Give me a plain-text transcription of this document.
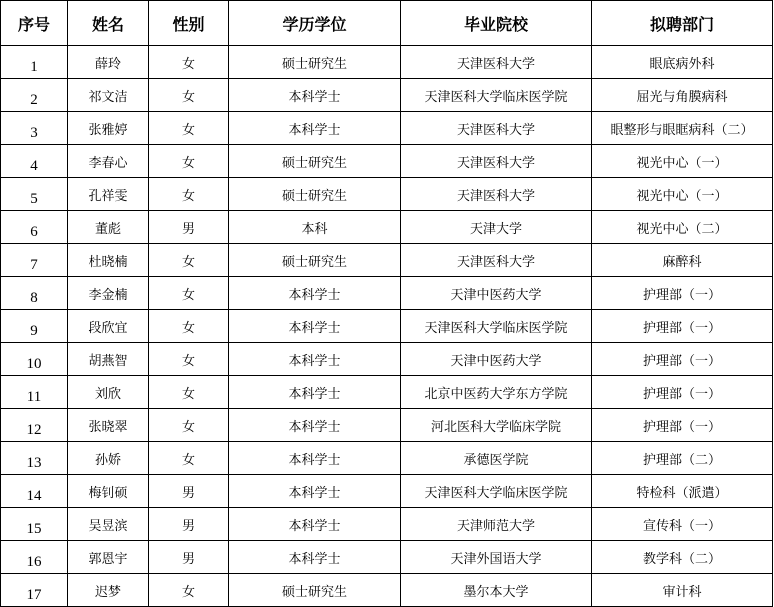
序号	姓名	性别	学历学位	毕业院校	拟聘部门
1	薛玲	女	硕士研究生	天津医科大学	眼底病外科
2	祁文洁	女	本科学士	天津医科大学临床医学院	屈光与角膜病科
3	张雅婷	女	本科学士	天津医科大学	眼整形与眼眶病科（二）
4	李春心	女	硕士研究生	天津医科大学	视光中心（一）
5	孔祥雯	女	硕士研究生	天津医科大学	视光中心（一）
6	董彪	男	本科	天津大学	视光中心（二）
7	杜晓楠	女	硕士研究生	天津医科大学	麻醉科
8	李金楠	女	本科学士	天津中医药大学	护理部（一）
9	段欣宜	女	本科学士	天津医科大学临床医学院	护理部（一）
10	胡燕智	女	本科学士	天津中医药大学	护理部（一）
11	刘欣	女	本科学士	北京中医药大学东方学院	护理部（一）
12	张晓翠	女	本科学士	河北医科大学临床学院	护理部（一）
13	孙娇	女	本科学士	承德医学院	护理部（二）
14	梅钊硕	男	本科学士	天津医科大学临床医学院	特检科（派遣）
15	吴昱滨	男	本科学士	天津师范大学	宣传科（一）
16	郭恩宇	男	本科学士	天津外国语大学	教学科（二）
17	迟梦	女	硕士研究生	墨尔本大学	审计科
